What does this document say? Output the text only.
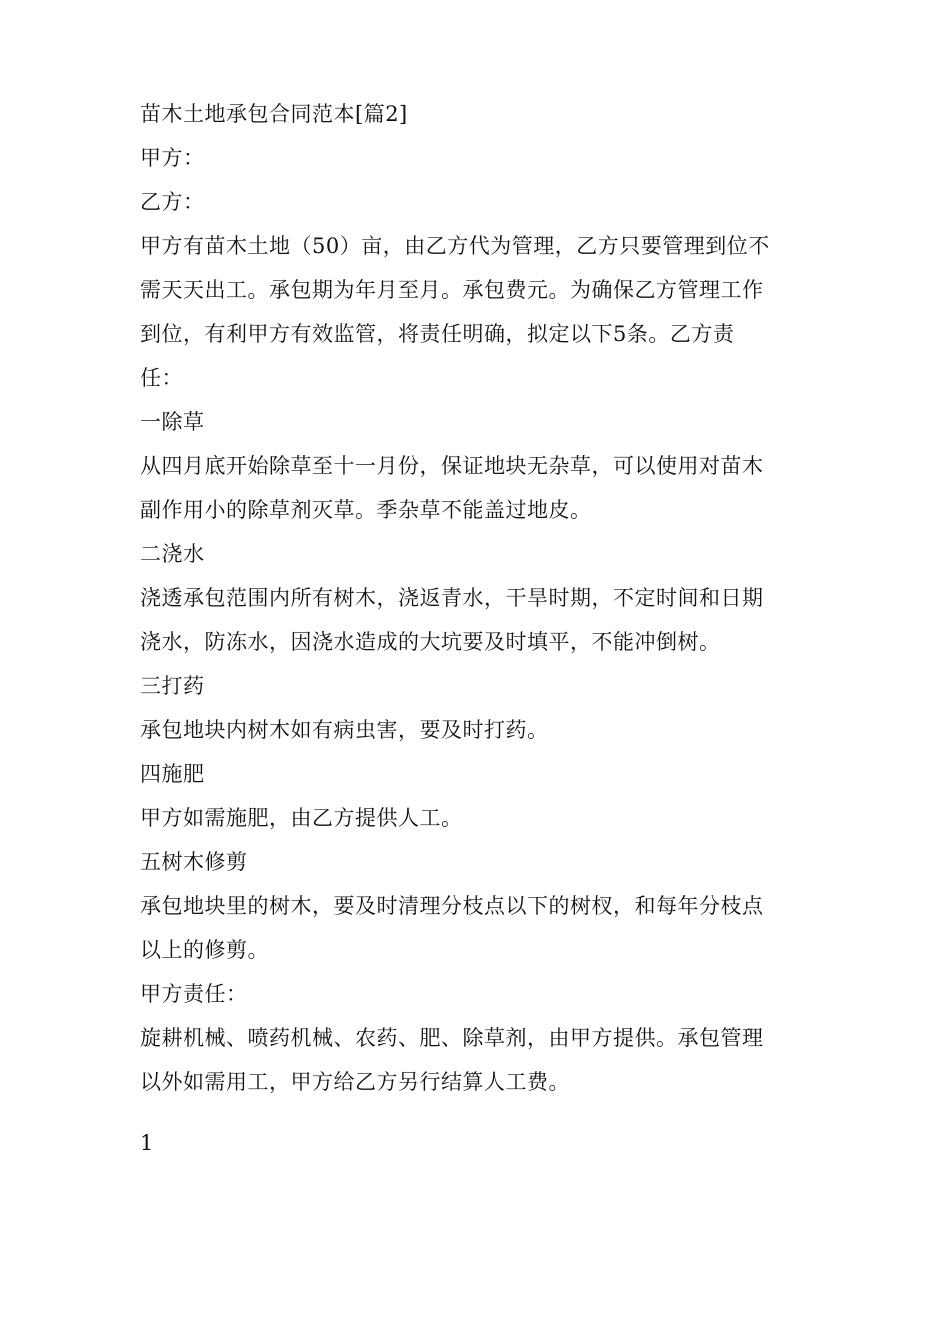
苗木土地承包合同范本[篇2]

甲方：

乙方：

甲方有苗木土地（50）亩，由乙方代为管理，乙方只要管理到位不

需天天出工。承包期为年月至月。承包费元。为确保乙方管理工作

到位，有利甲方有效监管，将责任明确，拟定以下5条。乙方责

任：

一除草

从四月底开始除草至十一月份，保证地块无杂草，可以使用对苗木

副作用小的除草剂灭草。季杂草不能盖过地皮。

二浇水

浇透承包范围内所有树木，浇返青水，干旱时期，不定时间和日期

浇水，防冻水，因浇水造成的大坑要及时填平，不能冲倒树。

三打药

承包地块内树木如有病虫害，要及时打药。

四施肥

甲方如需施肥，由乙方提供人工。

五树木修剪

承包地块里的树木，要及时清理分枝点以下的树杈，和每年分枝点

以上的修剪。

甲方责任：

旋耕机械、喷药机械、农药、肥、除草剂，由甲方提供。承包管理

以外如需用工，甲方给乙方另行结算人工费。

1
